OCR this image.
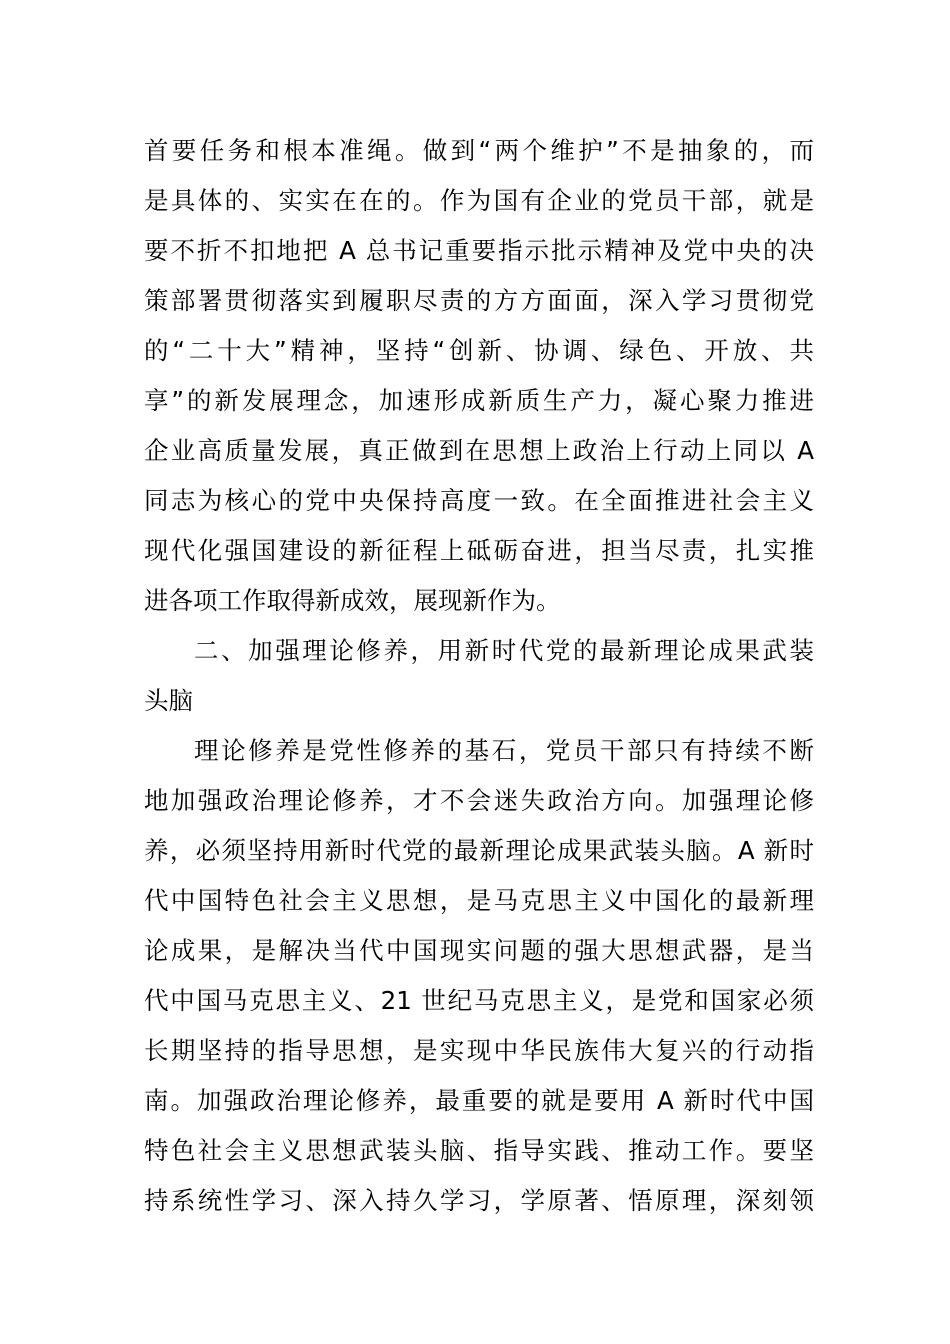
首要任务和根本准绳。做到“两个维护”不是抽象的，而
是具体的、实实在在的。作为国有企业的党员干部，就是
要不折不扣地把 A 总书记重要指示批示精神及党中央的决
策部署贯彻落实到履职尽责的方方面面，深入学习贯彻党
的“二十大”精神，坚持“创新、协调、绿色、开放、共
享”的新发展理念，加速形成新质生产力，凝心聚力推进
企业高质量发展，真正做到在思想上政治上行动上同以 A
同志为核心的党中央保持高度一致。在全面推进社会主义
现代化强国建设的新征程上砥砺奋进，担当尽责，扎实推
进各项工作取得新成效，展现新作为。
二、加强理论修养，用新时代党的最新理论成果武装
头脑
理论修养是党性修养的基石，党员干部只有持续不断
地加强政治理论修养，才不会迷失政治方向。加强理论修
养，必须坚持用新时代党的最新理论成果武装头脑。A 新时
代中国特色社会主义思想，是马克思主义中国化的最新理
论成果，是解决当代中国现实问题的强大思想武器，是当
代中国马克思主义、21 世纪马克思主义，是党和国家必须
长期坚持的指导思想，是实现中华民族伟大复兴的行动指
南。加强政治理论修养，最重要的就是要用 A 新时代中国
特色社会主义思想武装头脑、指导实践、推动工作。要坚
持系统性学习、深入持久学习，学原著、悟原理，深刻领
